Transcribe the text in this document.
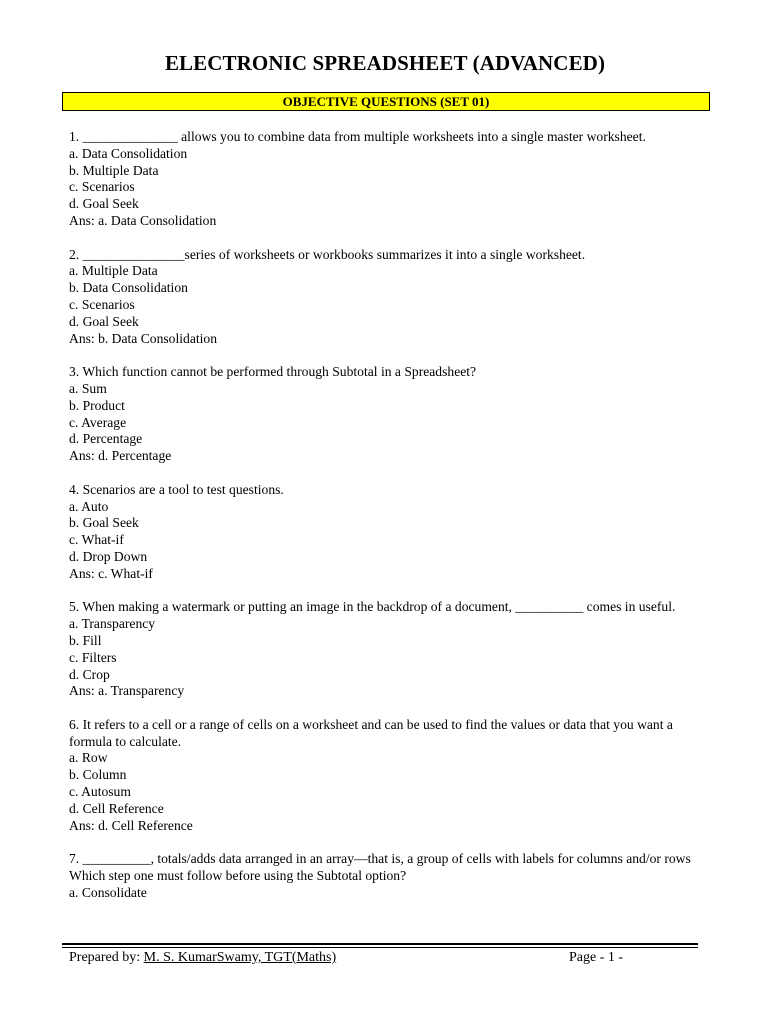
ELECTRONIC SPREADSHEET (ADVANCED)
OBJECTIVE QUESTIONS (SET 01)
1. ______________ allows you to combine data from multiple worksheets into a single master worksheet.
a. Data Consolidation
b. Multiple Data
c. Scenarios
d. Goal Seek
Ans: a. Data Consolidation
2. _______________series of worksheets or workbooks summarizes it into a single worksheet.
a. Multiple Data
b. Data Consolidation
c. Scenarios
d. Goal Seek
Ans: b. Data Consolidation
3. Which function cannot be performed through Subtotal in a Spreadsheet?
a. Sum
b. Product
c. Average
d. Percentage
Ans: d. Percentage
4. Scenarios are a tool to test questions.
a. Auto
b. Goal Seek
c. What-if
d. Drop Down
Ans: c. What-if
5. When making a watermark or putting an image in the backdrop of a document, __________ comes in useful.
a. Transparency
b. Fill
c. Filters
d. Crop
Ans: a. Transparency
6. It refers to a cell or a range of cells on a worksheet and can be used to find the values or data that you want a formula to calculate.
a. Row
b. Column
c. Autosum
d. Cell Reference
Ans: d. Cell Reference
7. __________, totals/adds data arranged in an array—that is, a group of cells with labels for columns and/or rows Which step one must follow before using the Subtotal option?
a. Consolidate
Prepared by: M. S. KumarSwamy, TGT(Maths)	Page - 1 -
